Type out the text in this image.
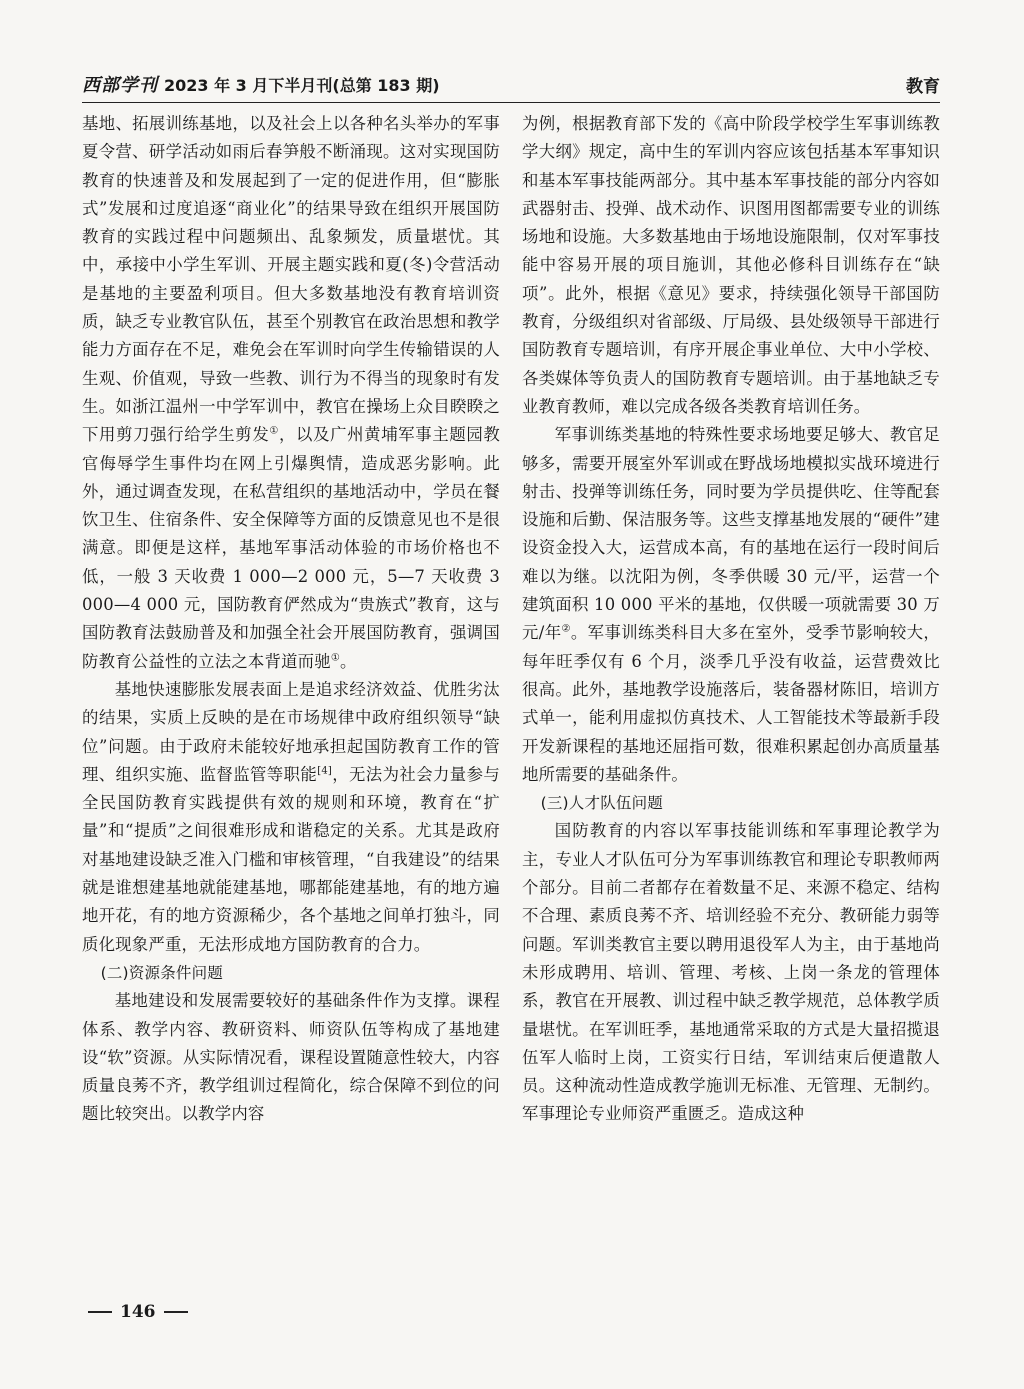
西部学刊 2023 年 3 月下半月刊(总第 183 期)	教育

基地、拓展训练基地，以及社会上以各种名头举办的军事夏令营、研学活动如雨后春笋般不断涌现。这对实现国防教育的快速普及和发展起到了一定的促进作用，但“膨胀式”发展和过度追逐“商业化”的结果导致在组织开展国防教育的实践过程中问题频出、乱象频发，质量堪忧。其中，承接中小学生军训、开展主题实践和夏(冬)令营活动是基地的主要盈利项目。但大多数基地没有教育培训资质，缺乏专业教官队伍，甚至个别教官在政治思想和教学能力方面存在不足，难免会在军训时向学生传输错误的人生观、价值观，导致一些教、训行为不得当的现象时有发生。如浙江温州一中学军训中，教官在操场上众目睽睽之下用剪刀强行给学生剪发①，以及广州黄埔军事主题园教官侮辱学生事件均在网上引爆舆情，造成恶劣影响。此外，通过调查发现，在私营组织的基地活动中，学员在餐饮卫生、住宿条件、安全保障等方面的反馈意见也不是很满意。即便是这样，基地军事活动体验的市场价格也不低，一般 3 天收费 1 000—2 000 元，5—7 天收费 3 000—4 000 元，国防教育俨然成为“贵族式”教育，这与国防教育法鼓励普及和加强全社会开展国防教育，强调国防教育公益性的立法之本背道而驰①。

基地快速膨胀发展表面上是追求经济效益、优胜劣汰的结果，实质上反映的是在市场规律中政府组织领导“缺位”问题。由于政府未能较好地承担起国防教育工作的管理、组织实施、监督监管等职能[4]，无法为社会力量参与全民国防教育实践提供有效的规则和环境，教育在“扩量”和“提质”之间很难形成和谐稳定的关系。尤其是政府对基地建设缺乏准入门槛和审核管理，“自我建设”的结果就是谁想建基地就能建基地，哪都能建基地，有的地方遍地开花，有的地方资源稀少，各个基地之间单打独斗，同质化现象严重，无法形成地方国防教育的合力。

(二)资源条件问题

基地建设和发展需要较好的基础条件作为支撑。课程体系、教学内容、教研资料、师资队伍等构成了基地建设“软”资源。从实际情况看，课程设置随意性较大，内容质量良莠不齐，教学组训过程简化，综合保障不到位的问题比较突出。以教学内容

为例，根据教育部下发的《高中阶段学校学生军事训练教学大纲》规定，高中生的军训内容应该包括基本军事知识和基本军事技能两部分。其中基本军事技能的部分内容如武器射击、投弹、战术动作、识图用图都需要专业的训练场地和设施。大多数基地由于场地设施限制，仅对军事技能中容易开展的项目施训，其他必修科目训练存在“缺项”。此外，根据《意见》要求，持续强化领导干部国防教育，分级组织对省部级、厅局级、县处级领导干部进行国防教育专题培训，有序开展企事业单位、大中小学校、各类媒体等负责人的国防教育专题培训。由于基地缺乏专业教育教师，难以完成各级各类教育培训任务。

军事训练类基地的特殊性要求场地要足够大、教官足够多，需要开展室外军训或在野战场地模拟实战环境进行射击、投弹等训练任务，同时要为学员提供吃、住等配套设施和后勤、保洁服务等。这些支撑基地发展的“硬件”建设资金投入大，运营成本高，有的基地在运行一段时间后难以为继。以沈阳为例，冬季供暖 30 元/平，运营一个建筑面积 10 000 平米的基地，仅供暖一项就需要 30 万元/年②。军事训练类科目大多在室外，受季节影响较大，每年旺季仅有 6 个月，淡季几乎没有收益，运营费效比很高。此外，基地教学设施落后，装备器材陈旧，培训方式单一，能利用虚拟仿真技术、人工智能技术等最新手段开发新课程的基地还屈指可数，很难积累起创办高质量基地所需要的基础条件。

(三)人才队伍问题

国防教育的内容以军事技能训练和军事理论教学为主，专业人才队伍可分为军事训练教官和理论专职教师两个部分。目前二者都存在着数量不足、来源不稳定、结构不合理、素质良莠不齐、培训经验不充分、教研能力弱等问题。军训类教官主要以聘用退役军人为主，由于基地尚未形成聘用、培训、管理、考核、上岗一条龙的管理体系，教官在开展教、训过程中缺乏教学规范，总体教学质量堪忧。在军训旺季，基地通常采取的方式是大量招揽退伍军人临时上岗，工资实行日结，军训结束后便遣散人员。这种流动性造成教学施训无标准、无管理、无制约。军事理论专业师资严重匮乏。造成这种

146
